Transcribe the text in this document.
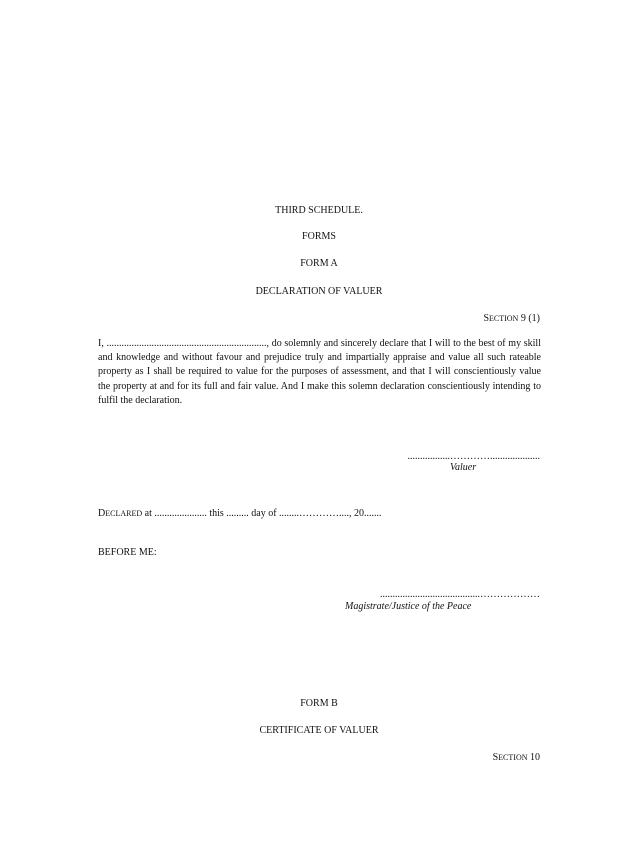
THIRD SCHEDULE.
FORMS
FORM A
DECLARATION OF VALUER
SECTION 9 (1)
I, ................................................................, do solemnly and sincerely declare that I will to the best of my skill and knowledge and without favour and prejudice truly and impartially appraise and value all such rateable property as I shall be required to value for the purposes of assessment, and that I will conscientiously value the property at and for its full and fair value. And I make this solemn declaration conscientiously intending to fulfil the declaration.
.................…………....................
Valuer
DECLARED at ..................... this ......... day of ........…………...., 20.......
BEFORE ME:
........................................………………
Magistrate/Justice of the Peace
FORM B
CERTIFICATE OF VALUER
SECTION 10
